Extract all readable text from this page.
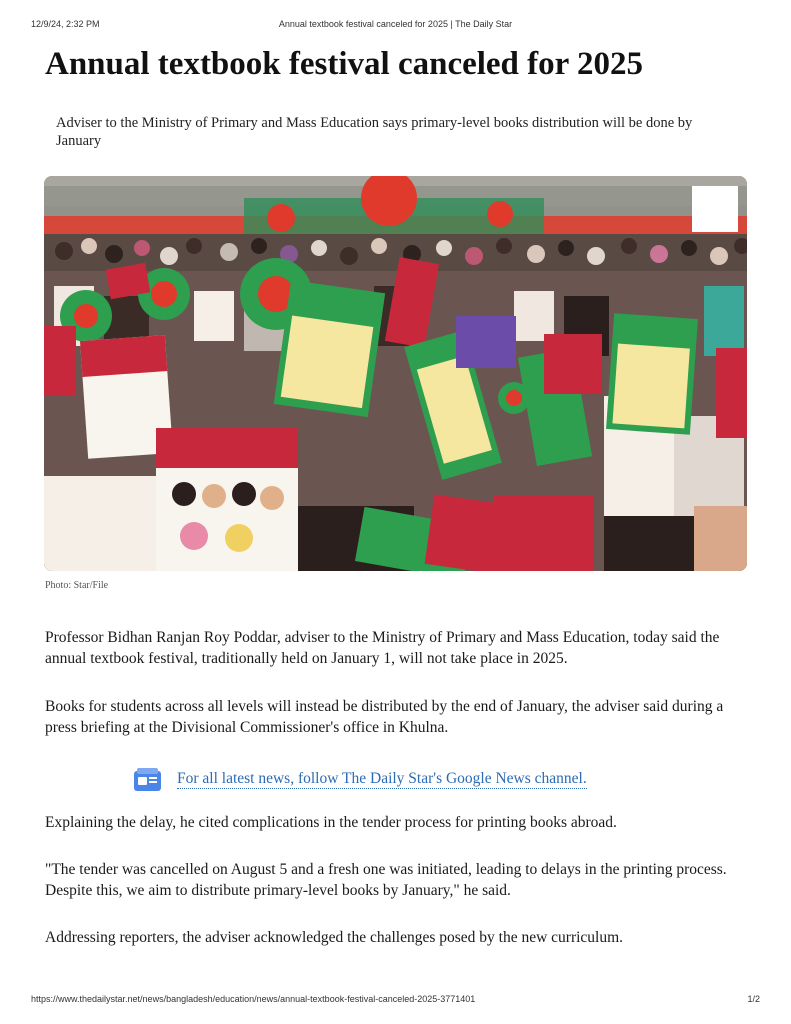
12/9/24, 2:32 PM	Annual textbook festival canceled for 2025 | The Daily Star
Annual textbook festival canceled for 2025

Adviser to the Ministry of Primary and Mass Education says primary-level books distribution will be done by January

Photo: Star/File

Professor Bidhan Ranjan Roy Poddar, adviser to the Ministry of Primary and Mass Education, today said the annual textbook festival, traditionally held on January 1, will not take place in 2025.

Books for students across all levels will instead be distributed by the end of January, the adviser said during a press briefing at the Divisional Commissioner's office in Khulna.

For all latest news, follow The Daily Star's Google News channel.

Explaining the delay, he cited complications in the tender process for printing books abroad.

"The tender was cancelled on August 5 and a fresh one was initiated, leading to delays in the printing process. Despite this, we aim to distribute primary-level books by January," he said.

Addressing reporters, the adviser acknowledged the challenges posed by the new curriculum.

https://www.thedailystar.net/news/bangladesh/education/news/annual-textbook-festival-canceled-2025-3771401	1/2
